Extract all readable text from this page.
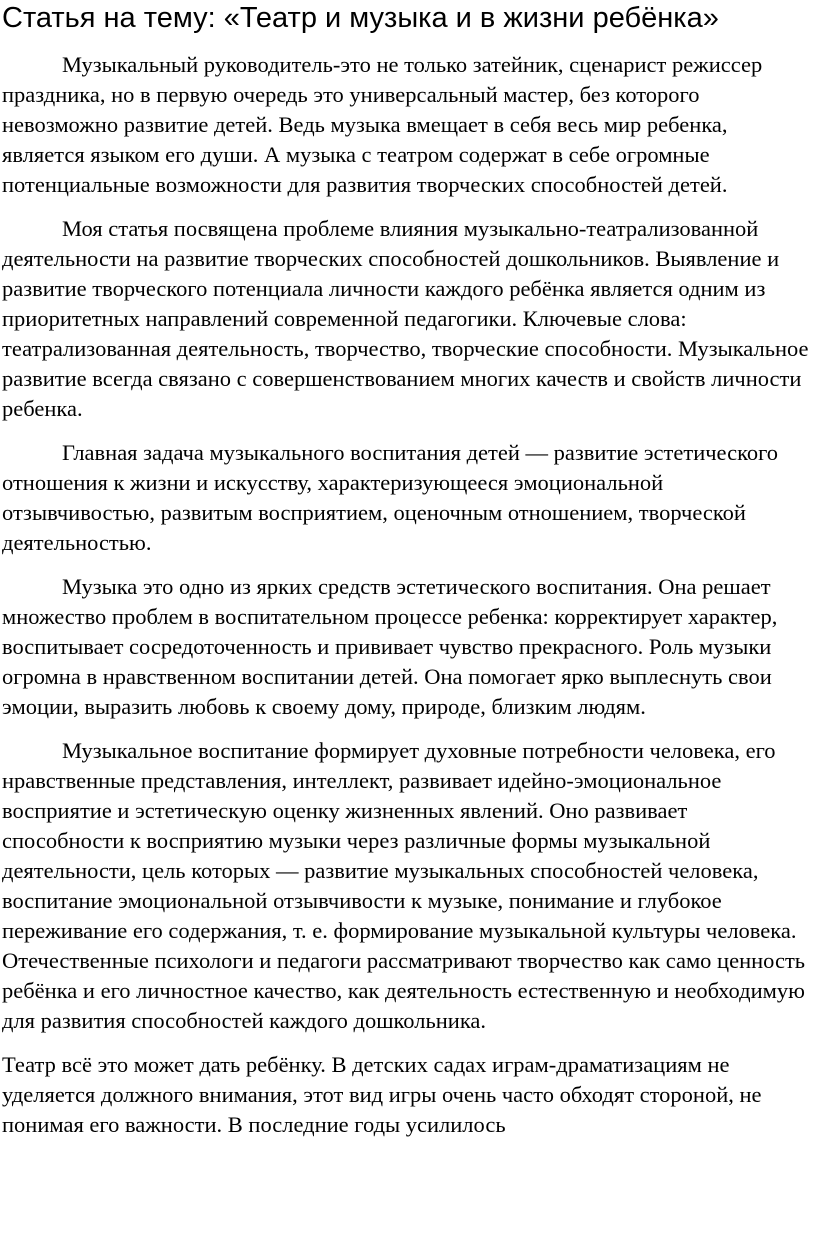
Статья на тему: «Театр и музыка и в жизни ребёнка»

Музыкальный руководитель-это не только затейник, сценарист режиссер праздника, но в первую очередь это универсальный мастер, без которого невозможно развитие детей. Ведь музыка вмещает в себя весь мир ребенка, является языком его души. А музыка с театром содержат в себе огромные потенциальные возможности для развития творческих способностей детей.

Моя статья посвящена проблеме влияния музыкально-театрализованной деятельности на развитие творческих способностей дошкольников. Выявление и развитие творческого потенциала личности каждого ребёнка является одним из приоритетных направлений современной педагогики. Ключевые слова: театрализованная деятельность, творчество, творческие способности. Музыкальное развитие всегда связано с совершенствованием многих качеств и свойств личности ребенка.

Главная задача музыкального воспитания детей — развитие эстетического отношения к жизни и искусству, характеризующееся эмоциональной отзывчивостью, развитым восприятием, оценочным отношением, творческой деятельностью.

Музыка это одно из ярких средств эстетического воспитания. Она решает множество проблем в воспитательном процессе ребенка: корректирует характер, воспитывает сосредоточенность и прививает чувство прекрасного. Роль музыки огромна в нравственном воспитании детей. Она помогает ярко выплеснуть свои эмоции, выразить любовь к своему дому, природе, близким людям.

Музыкальное воспитание формирует духовные потребности человека, его нравственные представления, интеллект, развивает идейно-эмоциональное восприятие и эстетическую оценку жизненных явлений. Оно развивает способности к восприятию музыки через различные формы музыкальной деятельности, цель которых — развитие музыкальных способностей человека, воспитание эмоциональной отзывчивости к музыке, понимание и глубокое переживание его содержания, т. е. формирование музыкальной культуры человека. Отечественные психологи и педагоги рассматривают творчество как само ценность ребёнка и его личностное качество, как деятельность естественную и необходимую для развития способностей каждого дошкольника.

Театр всё это может дать ребёнку. В детских садах играм-драматизациям не уделяется должного внимания, этот вид игры очень часто обходят стороной, не понимая его важности. В последние годы усилилось
